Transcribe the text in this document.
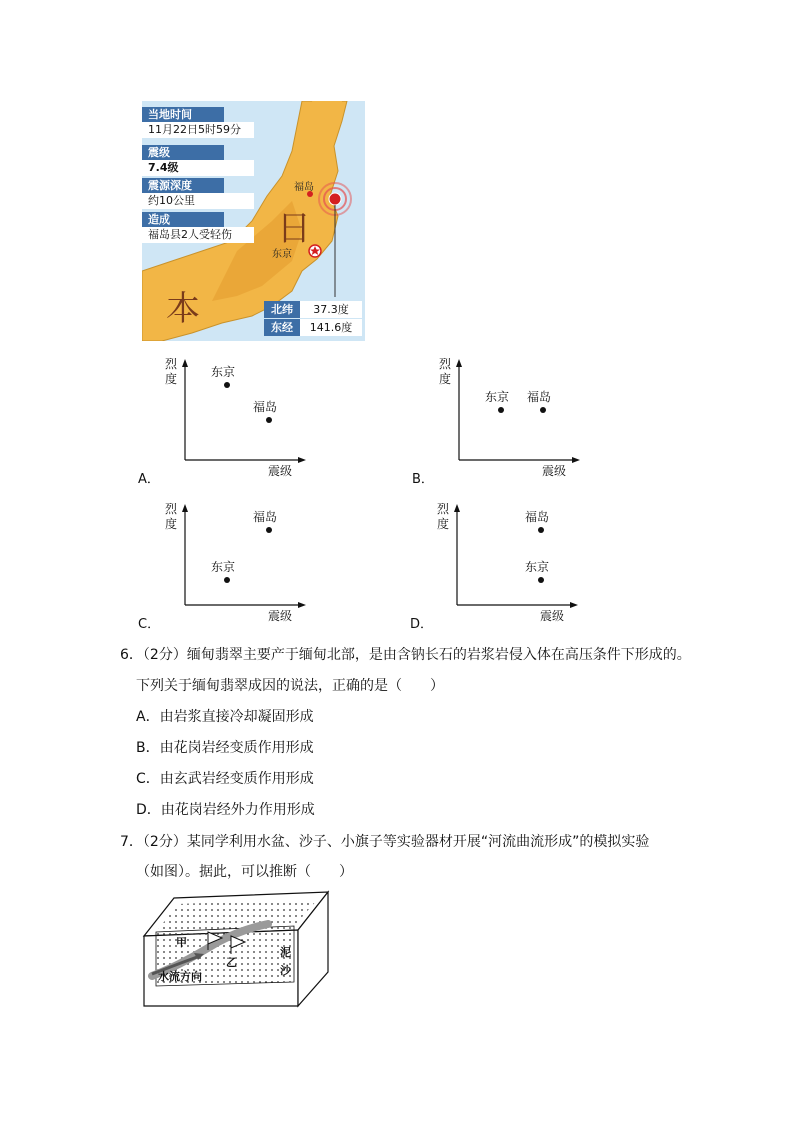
当地时间
11月22日5时59分
震级
7.4级
震源深度
约10公里
造成
福岛县2人受轻伤
福岛
东京
日
本	北纬	37.3度
东经	141.6度
烈
度
震级
东京
福岛
A．
烈
度
震级
东京 福岛
B．
烈
度
震级
福岛
东京
C．
烈
度
震级
福岛
东京
D．
6．（2分）缅甸翡翠主要产于缅甸北部，是由含钠长石的岩浆岩侵入体在高压条件下形成的。
下列关于缅甸翡翠成因的说法，正确的是（　　）
A．由岩浆直接冷却凝固形成
B．由花岗岩经变质作用形成
C．由玄武岩经变质作用形成
D．由花岗岩经外力作用形成
7．（2分）某同学利用水盆、沙子、小旗子等实验器材开展“河流曲流形成”的模拟实验
（如图）。据此，可以推断（　　）
甲
乙
泥
沙
水流方向
